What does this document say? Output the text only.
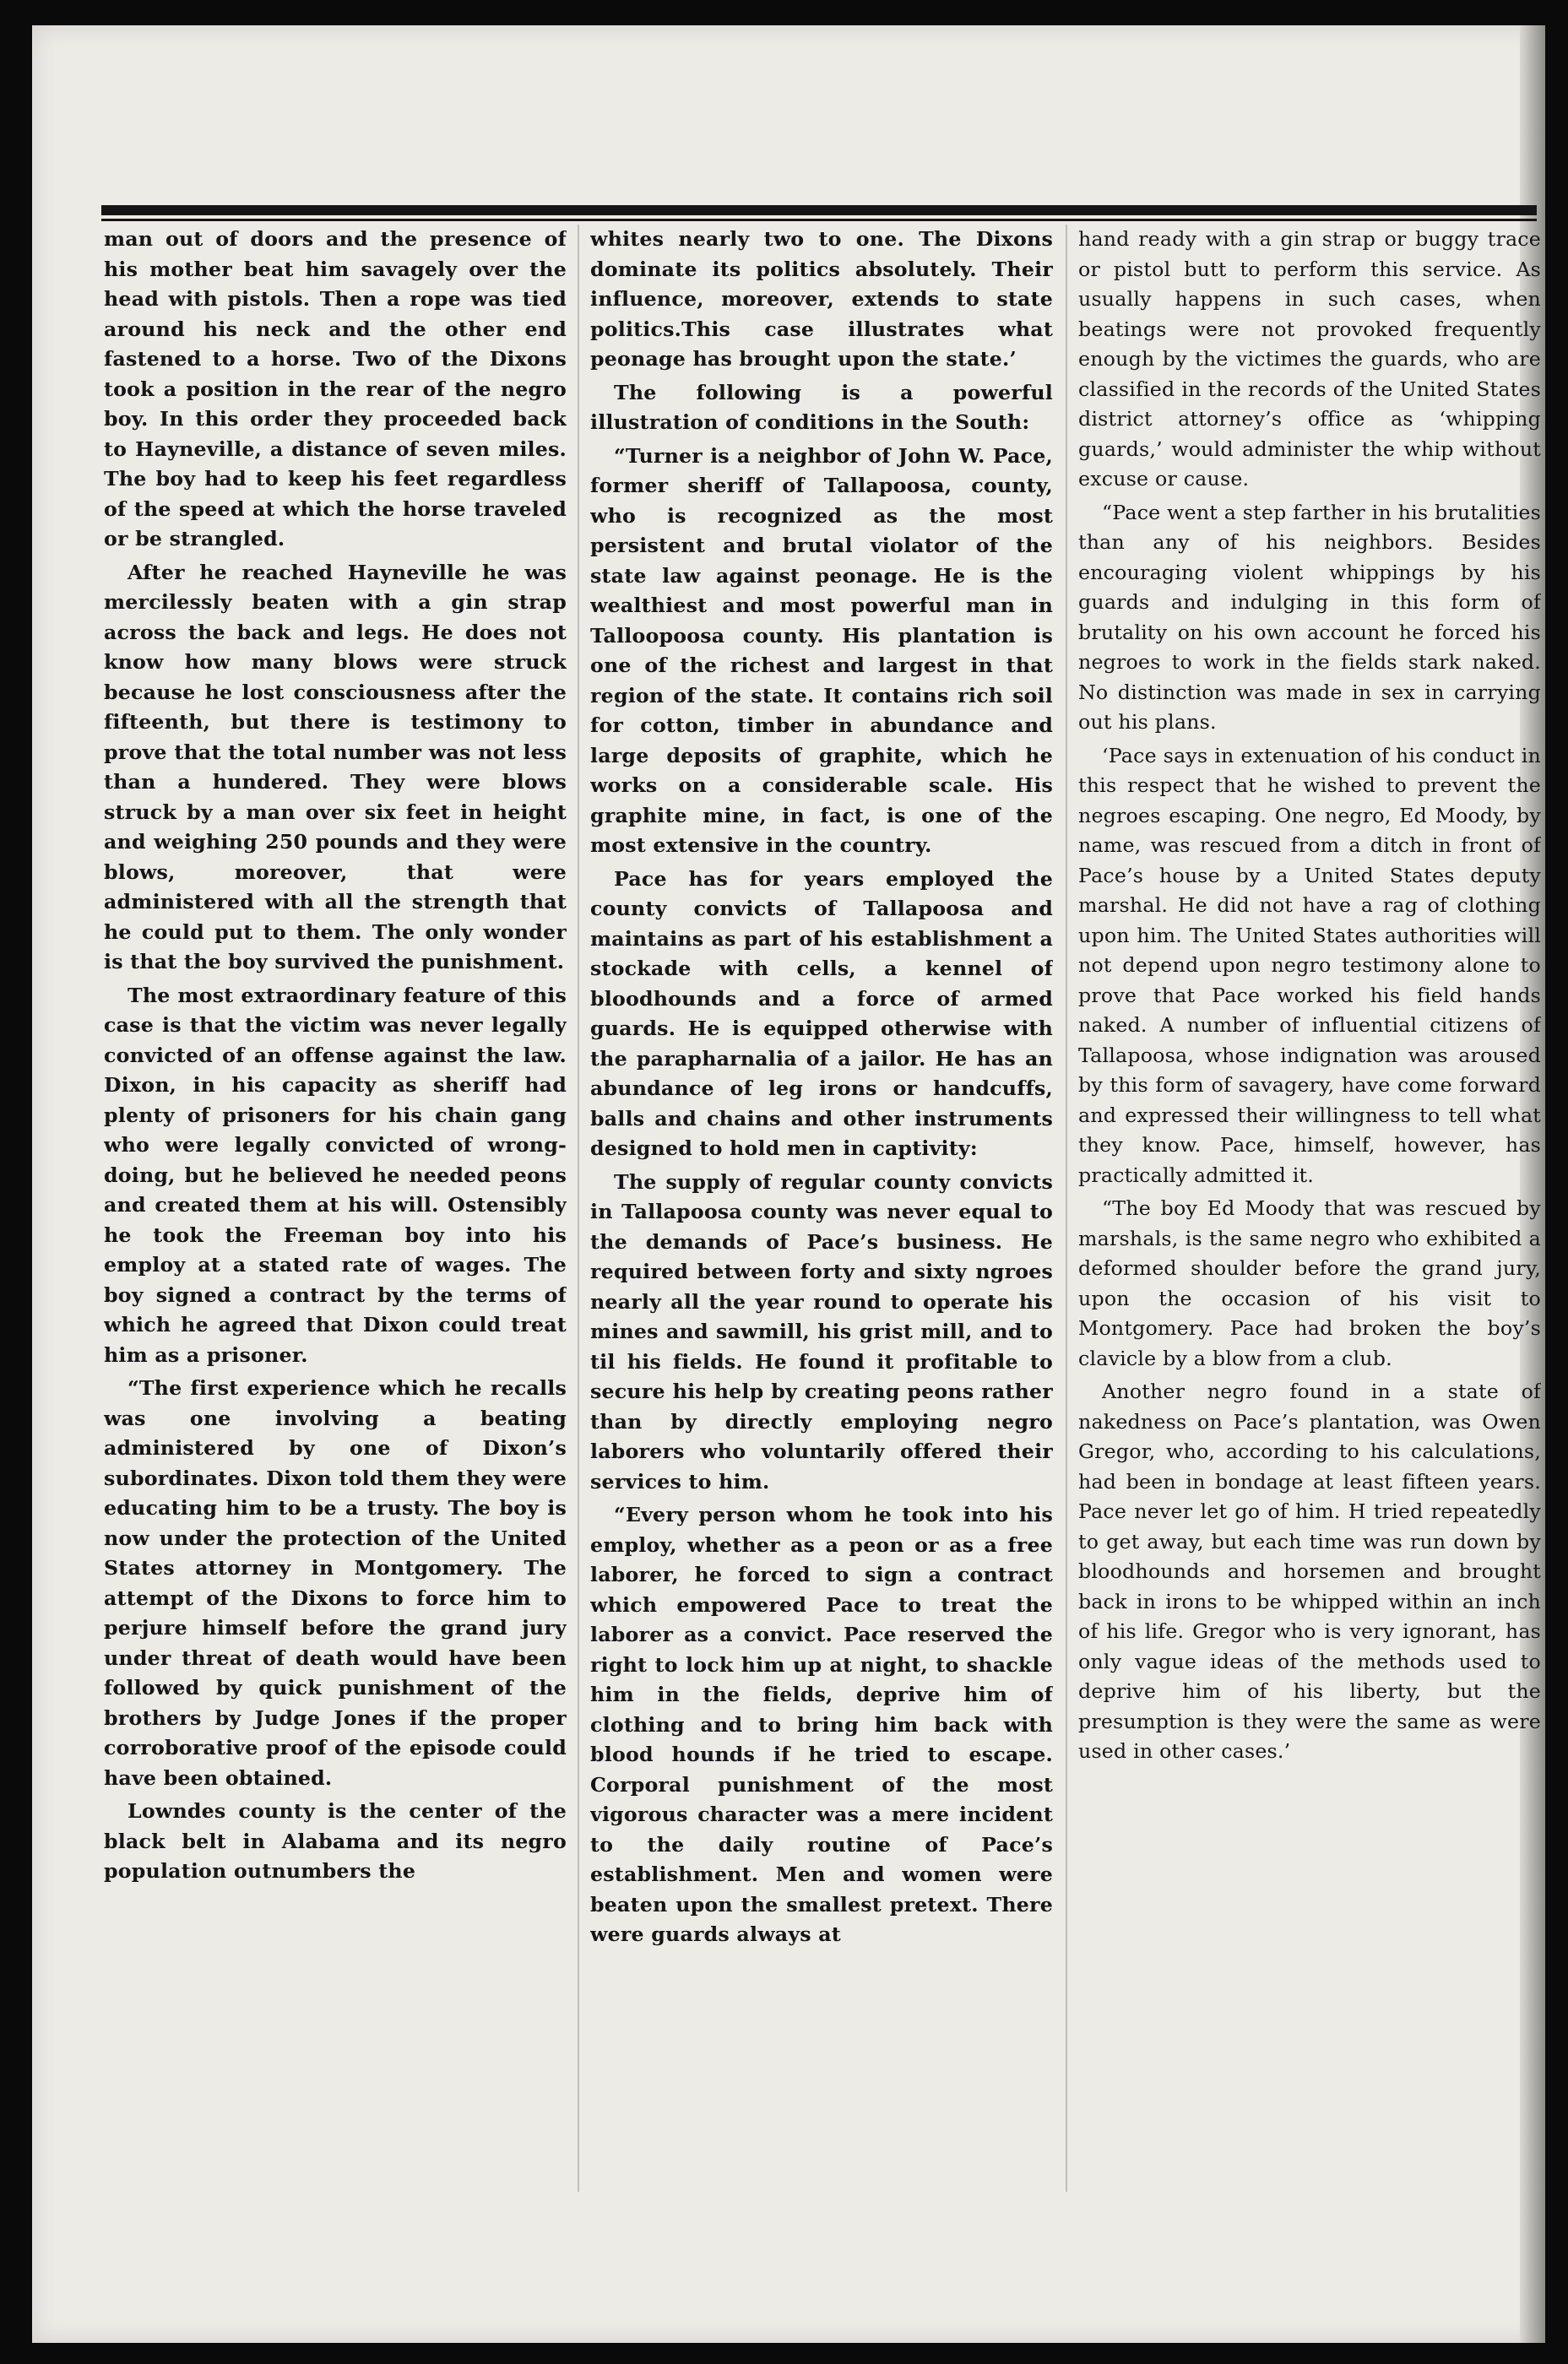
man out of doors and the presence of his mother beat him savagely over the head with pistols. Then a rope was tied around his neck and the other end fastened to a horse. Two of the Dixons took a position in the rear of the negro boy. In this order they proceeded back to Hayneville, a distance of seven miles. The boy had to keep his feet regardless of the speed at which the horse traveled or be strangled.

After he reached Hayneville he was mercilessly beaten with a gin strap across the back and legs. He does not know how many blows were struck because he lost consciousness after the fifteenth, but there is testimony to prove that the total number was not less than a hundered. They were blows struck by a man over six feet in height and weighing 250 pounds and they were blows, moreover, that were administered with all the strength that he could put to them. The only wonder is that the boy survived the punishment.

The most extraordinary feature of this case is that the victim was never legally convicted of an offense against the law. Dixon, in his capacity as sheriff had plenty of prisoners for his chain gang who were legally convicted of wrong-doing, but he believed he needed peons and created them at his will. Ostensibly he took the Freeman boy into his employ at a stated rate of wages. The boy signed a contract by the terms of which he agreed that Dixon could treat him as a prisoner.

“The first experience which he recalls was one involving a beating administered by one of Dixon’s subordinates. Dixon told them they were educating him to be a trusty. The boy is now under the protection of the United States attorney in Montgomery. The attempt of the Dixons to force him to perjure himself before the grand jury under threat of death would have been followed by quick punishment of the brothers by Judge Jones if the proper corroborative proof of the episode could have been obtained.

Lowndes county is the center of the black belt in Alabama and its negro population outnumbers the

whites nearly two to one. The Dixons dominate its politics absolutely. Their influence, moreover, extends to state politics.This case illustrates what peonage has brought upon the state.’

The following is a powerful illustration of conditions in the South:

“Turner is a neighbor of John W. Pace, former sheriff of Tallapoosa, county, who is recognized as the most persistent and brutal violator of the state law against peonage. He is the wealthiest and most powerful man in Talloopoosa county. His plantation is one of the richest and largest in that region of the state. It contains rich soil for cotton, timber in abundance and large deposits of graphite, which he works on a considerable scale. His graphite mine, in fact, is one of the most extensive in the country.

Pace has for years employed the county convicts of Tallapoosa and maintains as part of his establishment a stockade with cells, a kennel of bloodhounds and a force of armed guards. He is equipped otherwise with the parapharnalia of a jailor. He has an abundance of leg irons or handcuffs, balls and chains and other instruments designed to hold men in captivity:

The supply of regular county convicts in Tallapoosa county was never equal to the demands of Pace’s business. He required between forty and sixty ngroes nearly all the year round to operate his mines and sawmill, his grist mill, and to til his fields. He found it profitable to secure his help by creating peons rather than by directly employing negro laborers who voluntarily offered their services to him.

“Every person whom he took into his employ, whether as a peon or as a free laborer, he forced to sign a contract which empowered Pace to treat the laborer as a convict. Pace reserved the right to lock him up at night, to shackle him in the fields, deprive him of clothing and to bring him back with blood hounds if he tried to escape. Corporal punishment of the most vigorous character was a mere incident to the daily routine of Pace’s establishment. Men and women were beaten upon the smallest pretext. There were guards always at

hand ready with a gin strap or buggy trace or pistol butt to perform this service. As usually happens in such cases, when beatings were not provoked frequently enough by the victimes the guards, who are classified in the records of the United States district attorney’s office as ‘whipping guards,’ would administer the whip without excuse or cause.

“Pace went a step farther in his brutalities than any of his neighbors. Besides encouraging violent whippings by his guards and indulging in this form of brutality on his own account he forced his negroes to work in the fields stark naked. No distinction was made in sex in carrying out his plans.

‘Pace says in extenuation of his conduct in this respect that he wished to prevent the negroes escaping. One negro, Ed Moody, by name, was rescued from a ditch in front of Pace’s house by a United States deputy marshal. He did not have a rag of clothing upon him. The United States authorities will not depend upon negro testimony alone to prove that Pace worked his field hands naked. A number of influential citizens of Tallapoosa, whose indignation was aroused by this form of savagery, have come forward and expressed their willingness to tell what they know. Pace, himself, however, has practically admitted it.

“The boy Ed Moody that was rescued by marshals, is the same negro who exhibited a deformed shoulder before the grand jury, upon the occasion of his visit to Montgomery. Pace had broken the boy’s clavicle by a blow from a club.

Another negro found in a state of nakedness on Pace’s plantation, was Owen Gregor, who, according to his calculations, had been in bondage at least fifteen years. Pace never let go of him. H tried repeatedly to get away, but each time was run down by bloodhounds and horsemen and brought back in irons to be whipped within an inch of his life. Gregor who is very ignorant, has only vague ideas of the methods used to deprive him of his liberty, but the presumption is they were the same as were used in other cases.’
